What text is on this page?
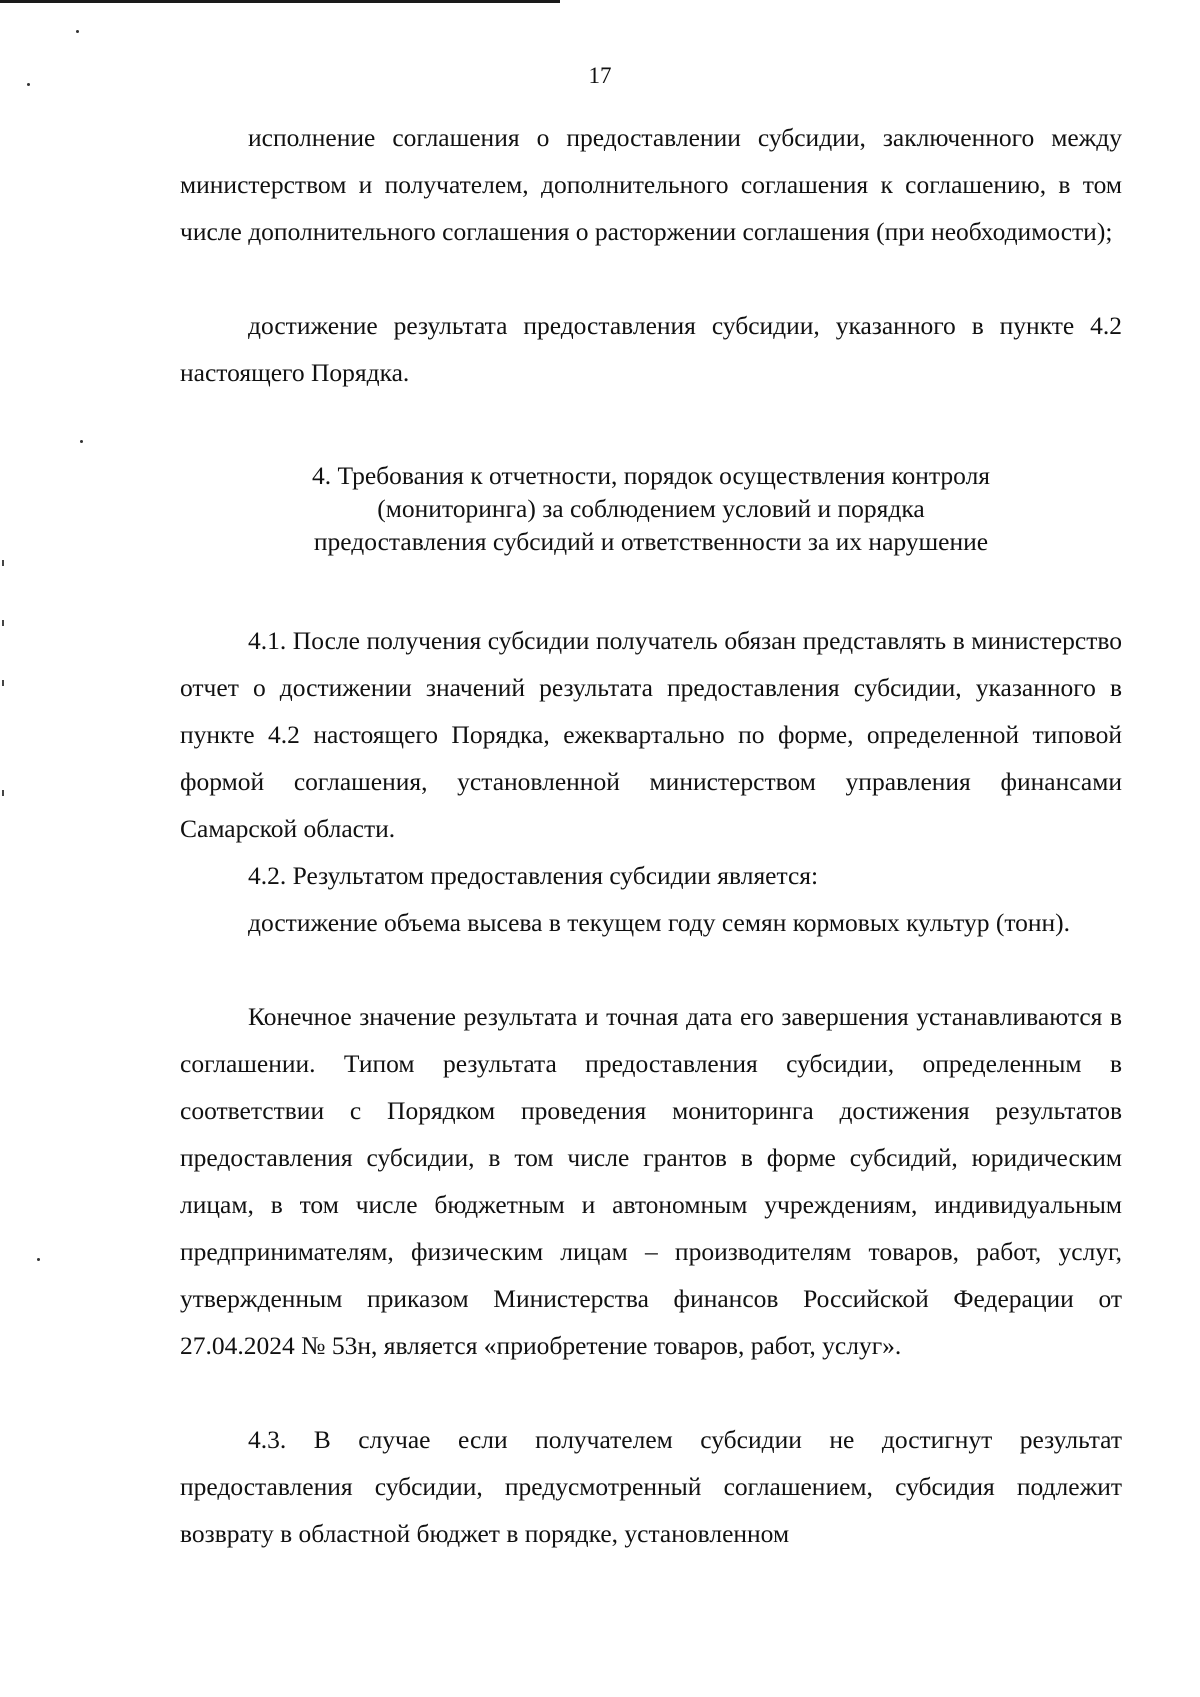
17

исполнение соглашения о предоставлении субсидии, заключенного между министерством и получателем, дополнительного соглашения к соглашению, в том числе дополнительного соглашения о расторжении соглашения (при необходимости);

достижение результата предоставления субсидии, указанного в пункте 4.2 настоящего Порядка.

4. Требования к отчетности, порядок осуществления контроля
(мониторинга) за соблюдением условий и порядка
предоставления субсидий и ответственности за их нарушение

4.1. После получения субсидии получатель обязан представлять в министерство отчет о достижении значений результата предоставления субсидии, указанного в пункте 4.2 настоящего Порядка, ежеквартально по форме, определенной типовой формой соглашения, установленной министерством управления финансами Самарской области.

4.2. Результатом предоставления субсидии является:

достижение объема высева в текущем году семян кормовых культур (тонн).

Конечное значение результата и точная дата его завершения устанавливаются в соглашении. Типом результата предоставления субсидии, определенным в соответствии с Порядком проведения мониторинга достижения результатов предоставления субсидии, в том числе грантов в форме субсидий, юридическим лицам, в том числе бюджетным и автономным учреждениям, индивидуальным предпринимателям, физическим лицам – производителям товаров, работ, услуг, утвержденным приказом Министерства финансов Российской Федерации от 27.04.2024 № 53н, является «приобретение товаров, работ, услуг».

4.3. В случае если получателем субсидии не достигнут результат предоставления субсидии, предусмотренный соглашением, субсидия подлежит возврату в областной бюджет в порядке, установленном
